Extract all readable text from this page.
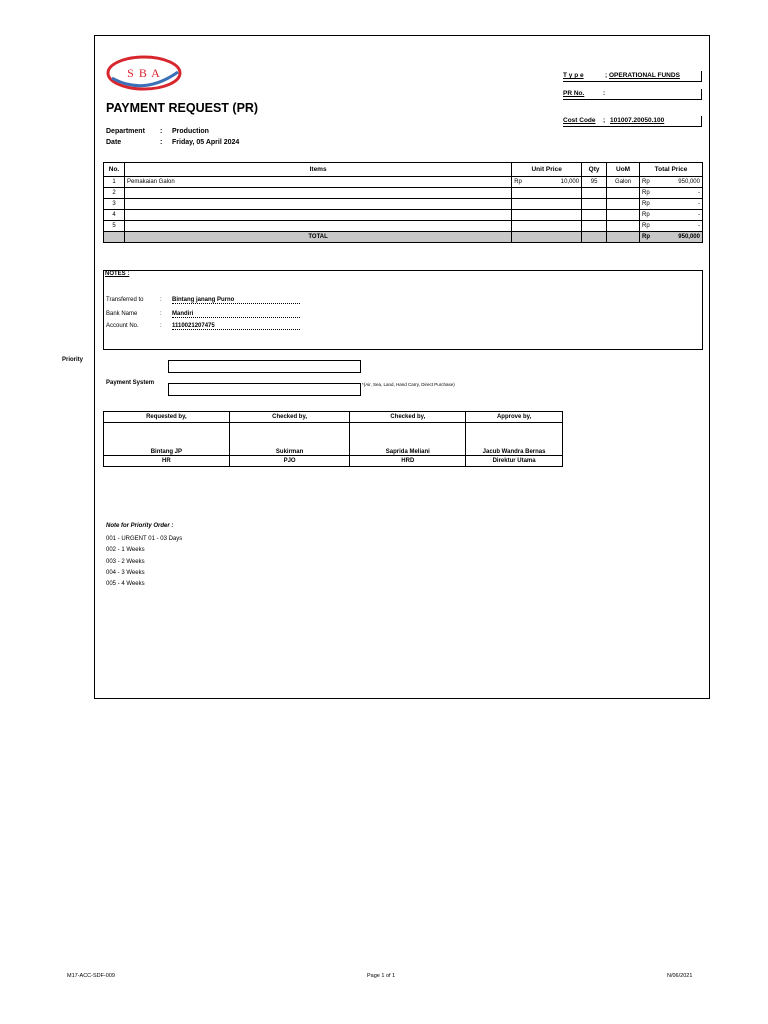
S B A
PAYMENT REQUEST (PR)
T y p e	; OPERATIONAL FUNDS
PR No.	:
Cost Code ; 101007.20050.100
Department : Production
Date	: Friday, 05 April 2024
No.	Items	Unit Price	Qty	UoM	Total Price
1	Pemakaian Galon	Rp 10,000	95	Galon	Rp 950,000

2					Rp -

3					Rp -

4					Rp -

5					Rp -

	TOTAL				Rp 950,000
NOTES :
Transferred to	: Bintang janang Purno
Bank Name	: Mandiri
Account No.	: 1110021207475
Priority
Payment System	*(Air, Sea, Land, Hand Carry, Direct Purchase)
Requested by,	Checked by,	Checked by,	Approve by,
Bintang JP	Sukirman	Saprida Meliani	Jacub Wandra Bernas
HR	PJO	HRD	Direktur Utama
Note for Priority Order :
001 - URGENT 01 - 03 Days
002 - 1 Weeks
003 - 2 Weeks
004 - 3 Weeks
005 - 4 Weeks
M17-ACC-SDF-009	Page 1 of 1	N/06/2021
